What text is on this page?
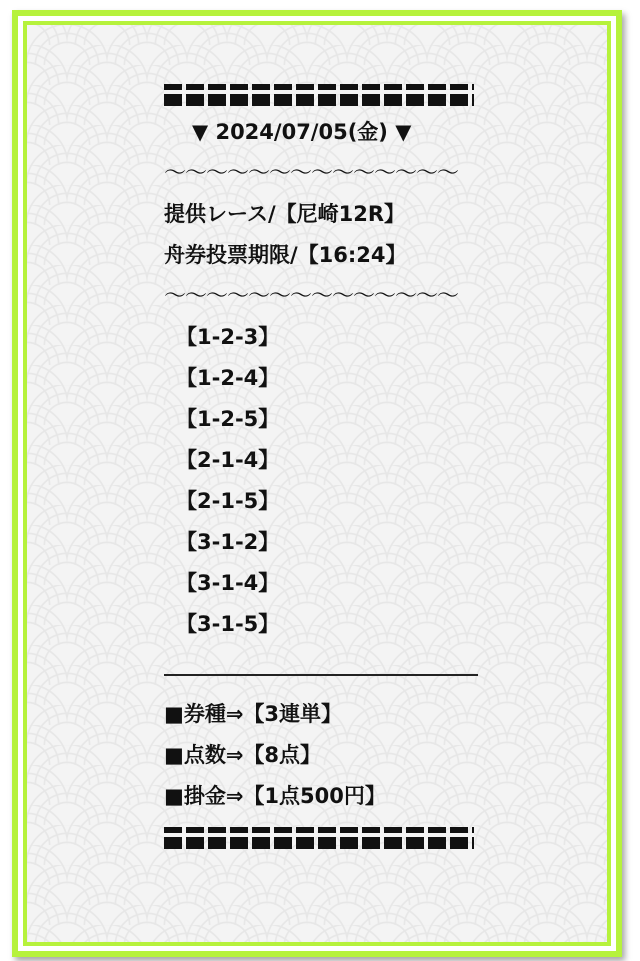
▼ 2024/07/05(金) ▼
〜〜〜〜〜〜〜〜〜〜〜〜〜〜
提供レース/【尼崎12R】
舟券投票期限/【16:24】
〜〜〜〜〜〜〜〜〜〜〜〜〜〜
【1-2-3】
【1-2-4】
【1-2-5】
【2-1-4】
【2-1-5】
【3-1-2】
【3-1-4】
【3-1-5】
■券種⇒【3連単】
■点数⇒【8点】
■掛金⇒【1点500円】
